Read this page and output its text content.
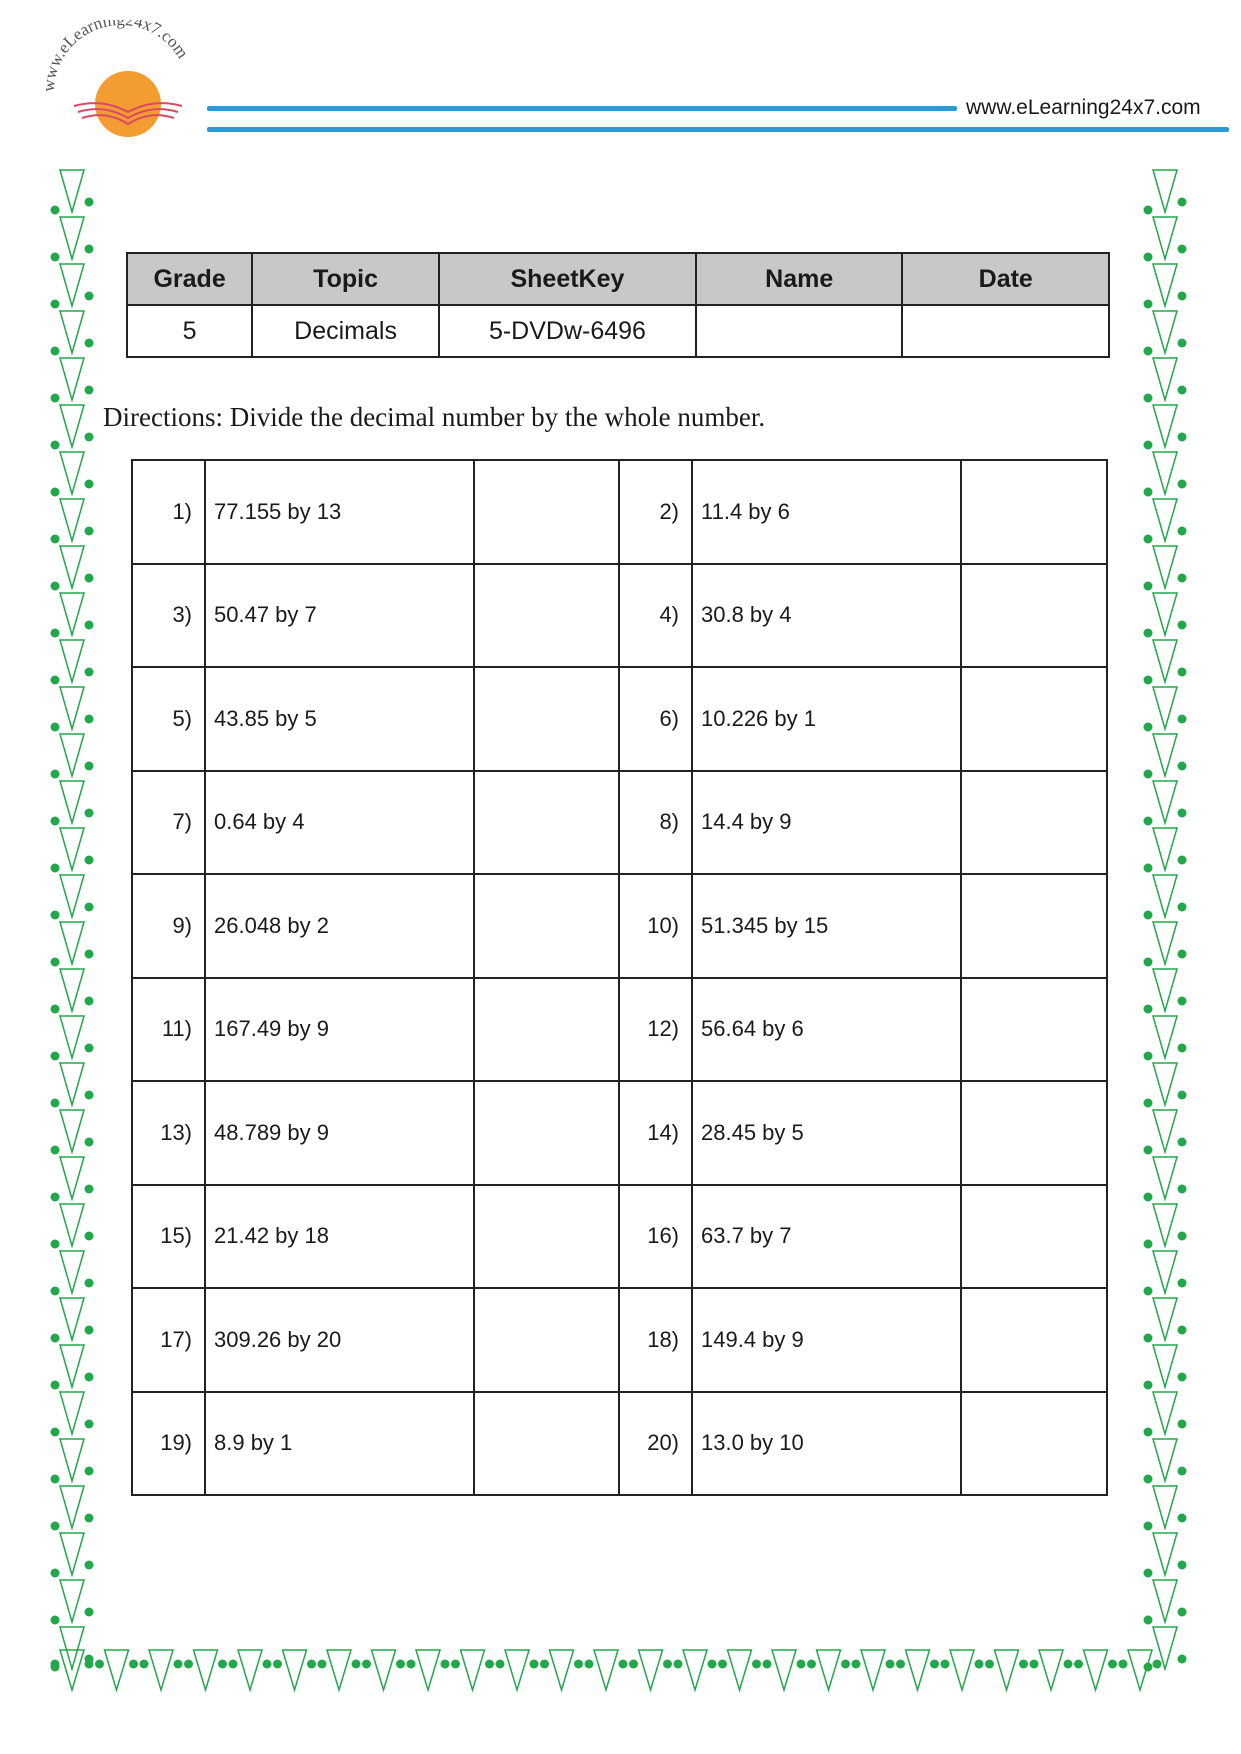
www.eLearnin 24x7.com
www.eLearning24x7.com
Grade	Topic	SheetKey	Name	Date
5	Decimals	5-DVDw-6496		
Directions: Divide the decimal number by the whole number.
1)	77.155 by 13		2)	11.4 by 6	
3)	50.47 by 7		4)	30.8 by 4	
5)	43.85 by 5		6)	10.226 by 1	
7)	0.64 by 4		8)	14.4 by 9	
9)	26.048 by 2		10)	51.345 by 15	
11)	167.49 by 9		12)	56.64 by 6	
13)	48.789 by 9		14)	28.45 by 5	
15)	21.42 by 18		16)	63.7 by 7	
17)	309.26 by 20		18)	149.4 by 9	
19)	8.9 by 1		20)	13.0 by 10	
